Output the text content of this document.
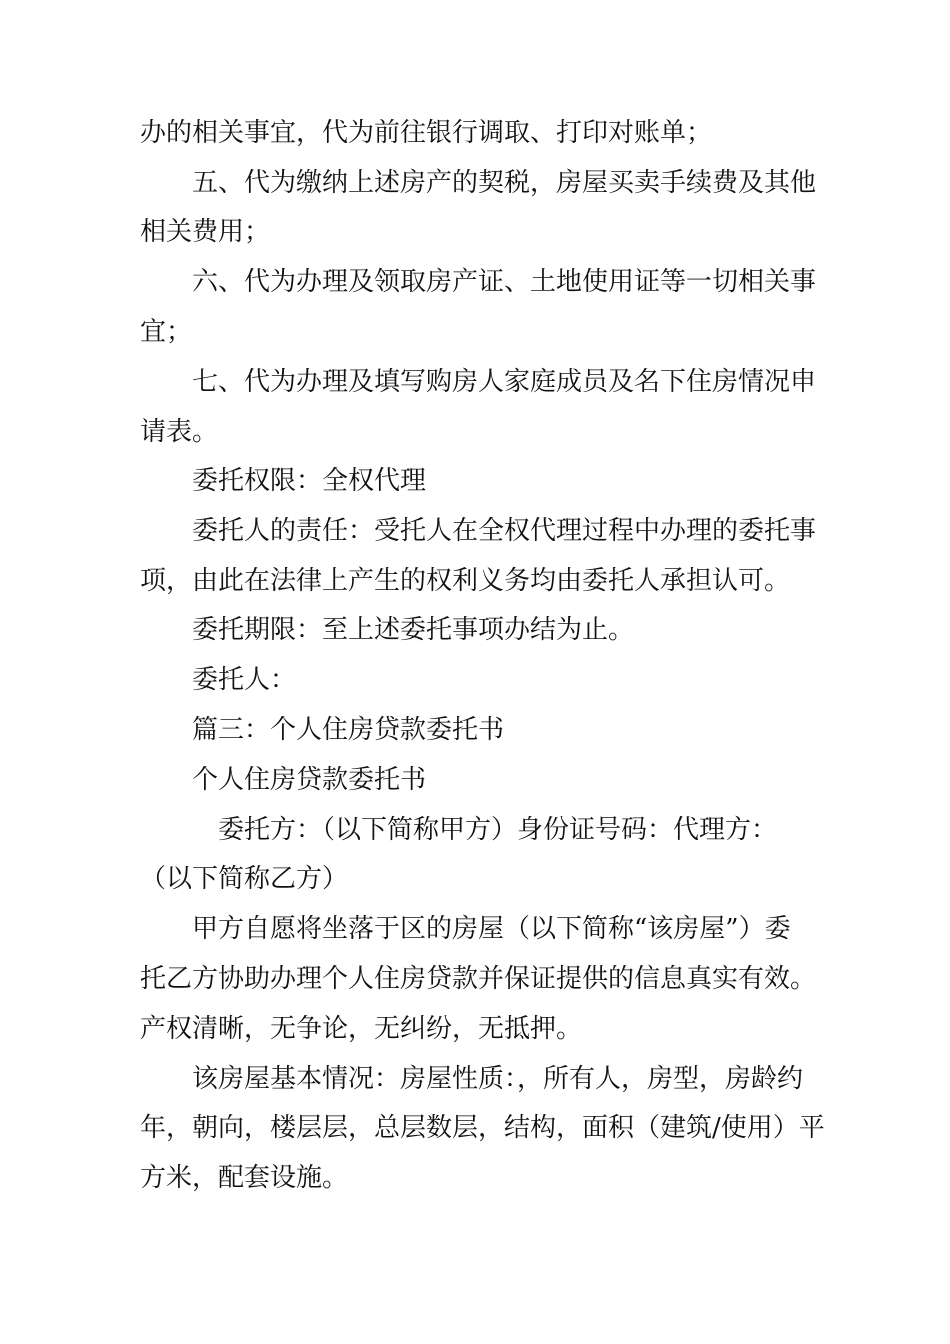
办的相关事宜，代为前往银行调取、打印对账单；
五、代为缴纳上述房产的契税，房屋买卖手续费及其他
相关费用；
六、代为办理及领取房产证、土地使用证等一切相关事
宜；
七、代为办理及填写购房人家庭成员及名下住房情况申
请表。
委托权限：全权代理
委托人的责任：受托人在全权代理过程中办理的委托事
项，由此在法律上产生的权利义务均由委托人承担认可。
委托期限：至上述委托事项办结为止。
委托人：
篇三：个人住房贷款委托书
个人住房贷款委托书
委托方：（以下简称甲方）身份证号码：代理方：
（以下简称乙方）
甲方自愿将坐落于区的房屋（以下简称“该房屋”）委
托乙方协助办理个人住房贷款并保证提供的信息真实有效。
产权清晰，无争论，无纠纷，无抵押。
该房屋基本情况：房屋性质：，所有人，房型，房龄约
年，朝向，楼层层，总层数层，结构，面积（建筑/使用）平
方米，配套设施。
